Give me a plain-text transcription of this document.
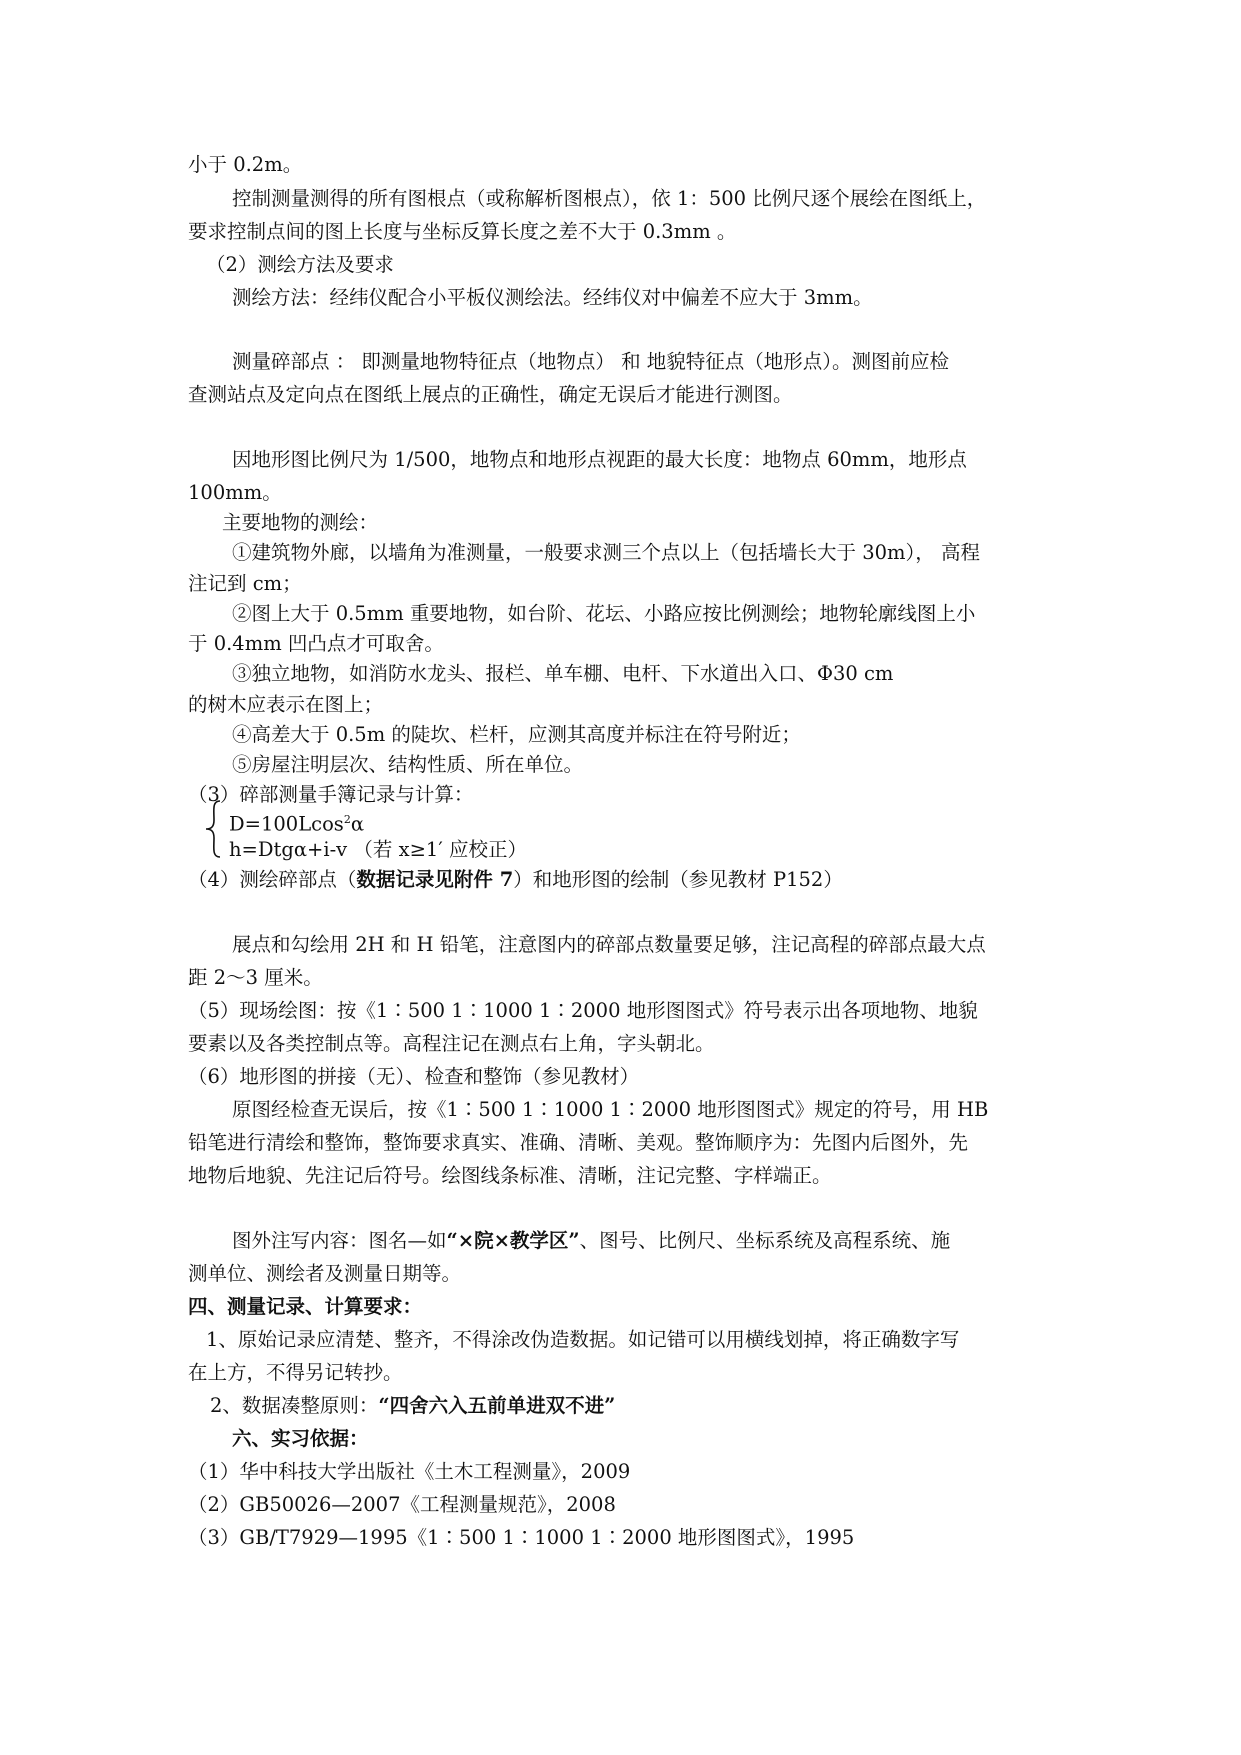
小于 0.2m。

控制测量测得的所有图根点（或称解析图根点），依 1：500 比例尺逐个展绘在图纸上，

要求控制点间的图上长度与坐标反算长度之差不大于 0.3mm 。

（2）测绘方法及要求

测绘方法：经纬仪配合小平板仪测绘法。经纬仪对中偏差不应大于 3mm。

测量碎部点 ： 即测量地物特征点（地物点） 和 地貌特征点（地形点）。测图前应检

查测站点及定向点在图纸上展点的正确性，确定无误后才能进行测图。

因地形图比例尺为 1/500，地物点和地形点视距的最大长度：地物点 60mm，地形点

100mm。

主要地物的测绘：

①建筑物外廊，以墙角为准测量，一般要求测三个点以上（包括墙长大于 30m）， 高程

注记到 cm；

②图上大于 0.5mm 重要地物，如台阶、花坛、小路应按比例测绘；地物轮廓线图上小

于 0.4mm 凹凸点才可取舍。

③独立地物，如消防水龙头、报栏、单车棚、电杆、下水道出入口、Φ30 cm

的树木应表示在图上；

④高差大于 0.5m 的陡坎、栏杆，应测其高度并标注在符号附近；

⑤房屋注明层次、结构性质、所在单位。

（3）碎部测量手簿记录与计算：

D=100Lcos$^2$α

h=Dtgα+i-v （若 x≥1′ 应校正）

（4）测绘碎部点（数据记录见附件 7）和地形图的绘制（参见教材 P152）

展点和勾绘用 2H 和 H 铅笔，注意图内的碎部点数量要足够，注记高程的碎部点最大点

距 2～3 厘米。

（5）现场绘图：按《1∶500 1∶1000 1∶2000 地形图图式》符号表示出各项地物、地貌

要素以及各类控制点等。高程注记在测点右上角，字头朝北。

（6）地形图的拼接（无）、检查和整饰（参见教材）

原图经检查无误后，按《1∶500 1∶1000 1∶2000 地形图图式》规定的符号，用 HB

铅笔进行清绘和整饰，整饰要求真实、准确、清晰、美观。整饰顺序为：先图内后图外，先

地物后地貌、先注记后符号。绘图线条标准、清晰，注记完整、字样端正。

图外注写内容：图名—如“×院×教学区”、图号、比例尺、坐标系统及高程系统、施

测单位、测绘者及测量日期等。

四、测量记录、计算要求：

1、原始记录应清楚、整齐，不得涂改伪造数据。如记错可以用横线划掉，将正确数字写

在上方，不得另记转抄。

2、数据凑整原则：“四舍六入五前单进双不进”

六、实习依据：

（1）华中科技大学出版社《土木工程测量》，2009

（2）GB50026—2007《工程测量规范》，2008

（3）GB/T7929—1995《1∶500 1∶1000 1∶2000 地形图图式》，1995
